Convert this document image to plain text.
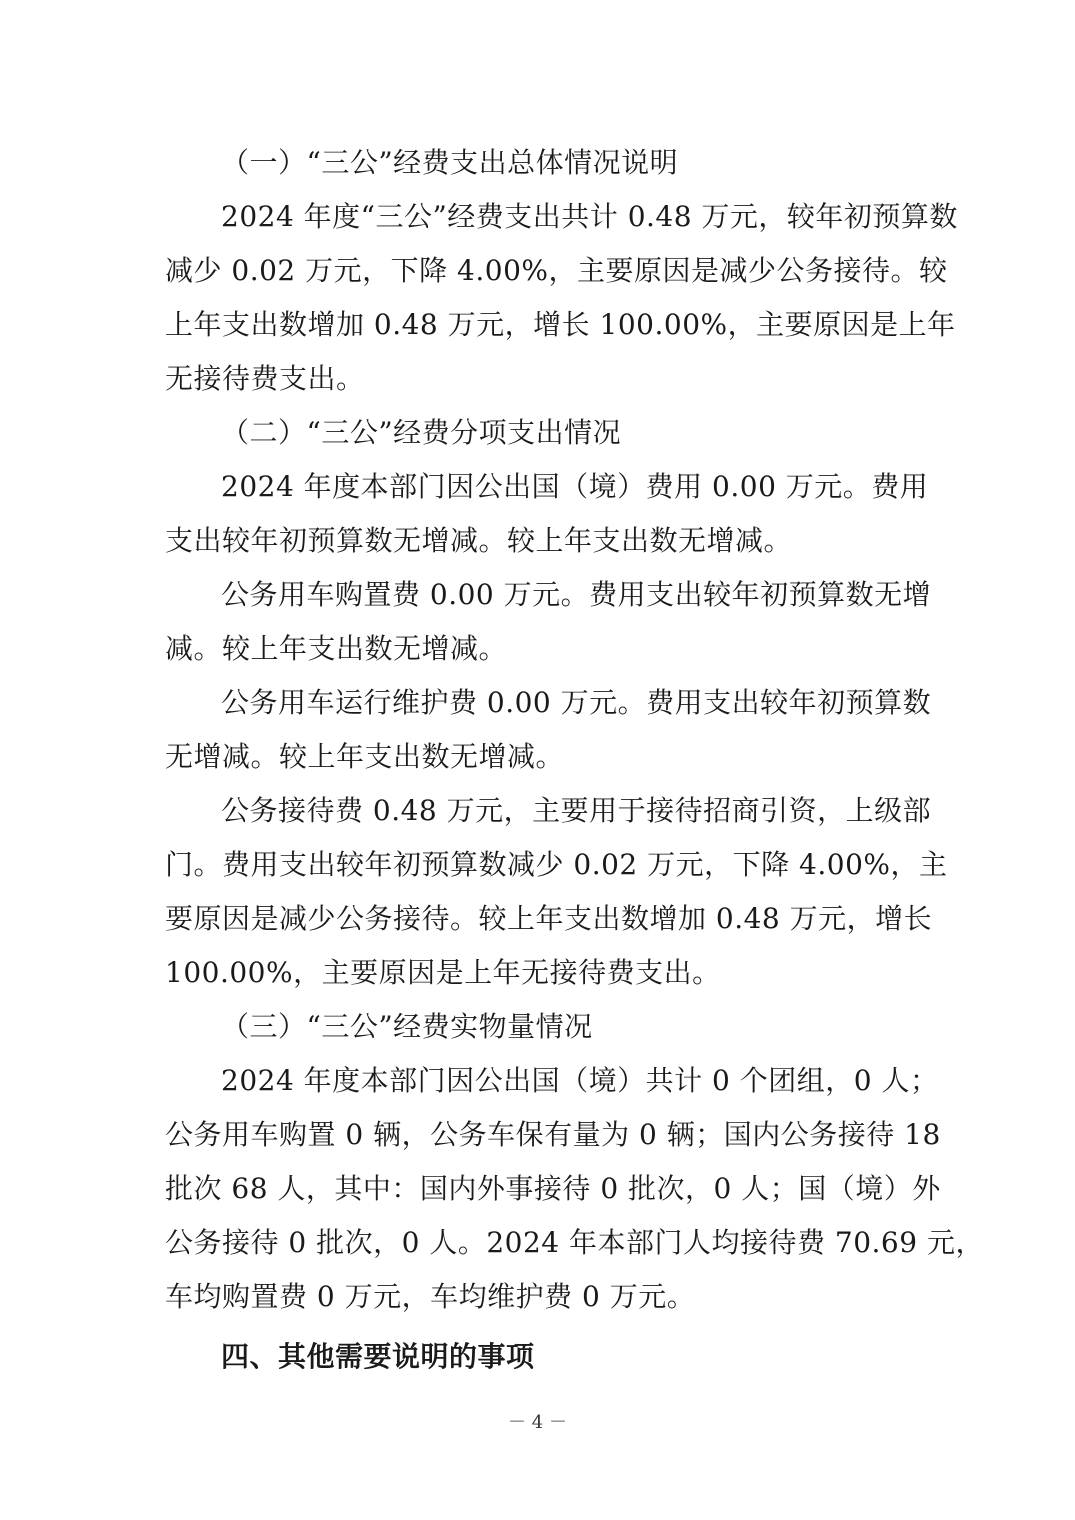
（一）“三公”经费支出总体情况说明
2024 年度“三公”经费支出共计 0.48 万元，较年初预算数
减少 0.02 万元，下降 4.00%，主要原因是减少公务接待。较
上年支出数增加 0.48 万元，增长 100.00%，主要原因是上年
无接待费支出。
（二）“三公”经费分项支出情况
2024 年度本部门因公出国（境）费用 0.00 万元。费用
支出较年初预算数无增减。较上年支出数无增减。
公务用车购置费 0.00 万元。费用支出较年初预算数无增
减。较上年支出数无增减。
公务用车运行维护费 0.00 万元。费用支出较年初预算数
无增减。较上年支出数无增减。
公务接待费 0.48 万元，主要用于接待招商引资，上级部
门。费用支出较年初预算数减少 0.02 万元，下降 4.00%，主
要原因是减少公务接待。较上年支出数增加 0.48 万元，增长
100.00%，主要原因是上年无接待费支出。
（三）“三公”经费实物量情况
2024 年度本部门因公出国（境）共计 0 个团组，0 人；
公务用车购置 0 辆，公务车保有量为 0 辆；国内公务接待 18
批次 68 人，其中：国内外事接待 0 批次，0 人；国（境）外
公务接待 0 批次，0 人。2024 年本部门人均接待费 70.69 元，
车均购置费 0 万元，车均维护费 0 万元。
四、其他需要说明的事项
－ 4 －
